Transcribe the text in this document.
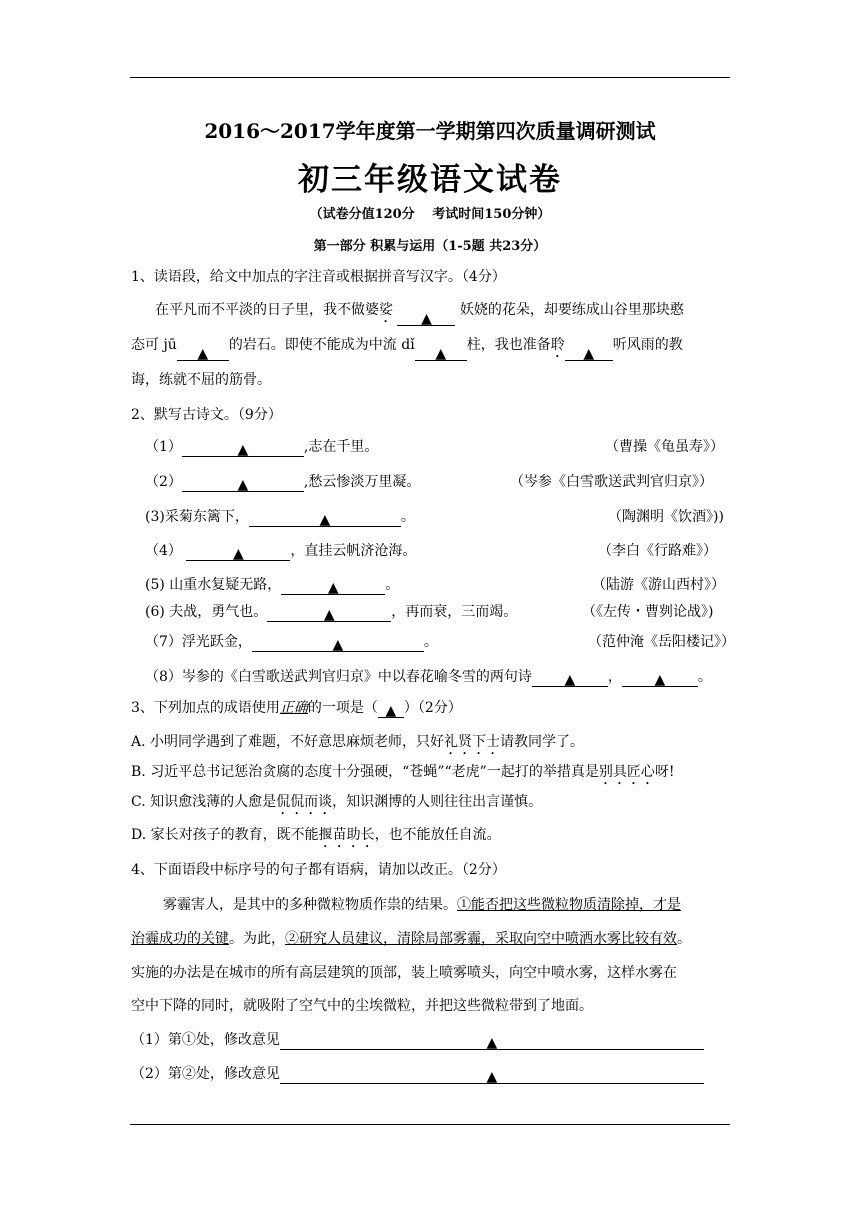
2016～2017学年度第一学期第四次质量调研测试
初三年级语文试卷
（试卷分值120分　 考试时间150分钟）
第一部分 积累与运用（1-5题 共23分）
1、读语段，给文中加点的字注音或根据拼音写汉字。（4分）
在平凡而不平淡的日子里，我不做婆娑 ▲ 妖娆的花朵，却要练成山谷里那块憨
态可 jū▲的岩石。即使不能成为中流 dǐ▲柱，我也准备聆▲听风雨的教
诲，练就不屈的筋骨。
2、默写古诗文。（9分）
（1）	▲	,志在千里。	（曹操《龟虽寿》）
（2）	▲	,愁云惨淡万里凝。	（岑参《白雪歌送武判官归京》）
(3)采菊东篱下，	▲	。	（陶渊明《饮酒》))
（4）	▲	，直挂云帆济沧海。	（李白《行路难》）
(5) 山重水复疑无路，	▲	。	（陆游《游山西村》）
(6) 夫战，勇气也。	▲	，再而衰，三而竭。	（《左传・曹刿论战》)
（7）浮光跃金，	▲	。	（范仲淹《岳阳楼记》）
（8）岑参的《白雪歌送武判官归京》中以春花喻冬雪的两句诗 ▲ ， ▲ 。
3、下列加点的成语使用正确的一项是（ ▲ ）（2分）
A. 小明同学遇到了难题，不好意思麻烦老师，只好礼贤下士请教同学了。
B. 习近平总书记惩治贪腐的态度十分强硬，“苍蝇”“老虎”一起打的举措真是别具匠心呀!
C. 知识愈浅薄的人愈是侃侃而谈，知识渊博的人则往往出言谨慎。
D. 家长对孩子的教育，既不能揠苗助长，也不能放任自流。
4、下面语段中标序号的句子都有语病，请加以改正。（2分）
雾霾害人，是其中的多种微粒物质作祟的结果。①能否把这些微粒物质清除掉，才是
治霾成功的关键。为此，②研究人员建议，清除局部雾霾，采取向空中喷洒水雾比较有效。
实施的办法是在城市的所有高层建筑的顶部，装上喷雾喷头，向空中喷水雾，这样水雾在
空中下降的同时，就吸附了空气中的尘埃微粒，并把这些微粒带到了地面。
（1）第①处，修改意见	▲
（2）第②处，修改意见	▲
